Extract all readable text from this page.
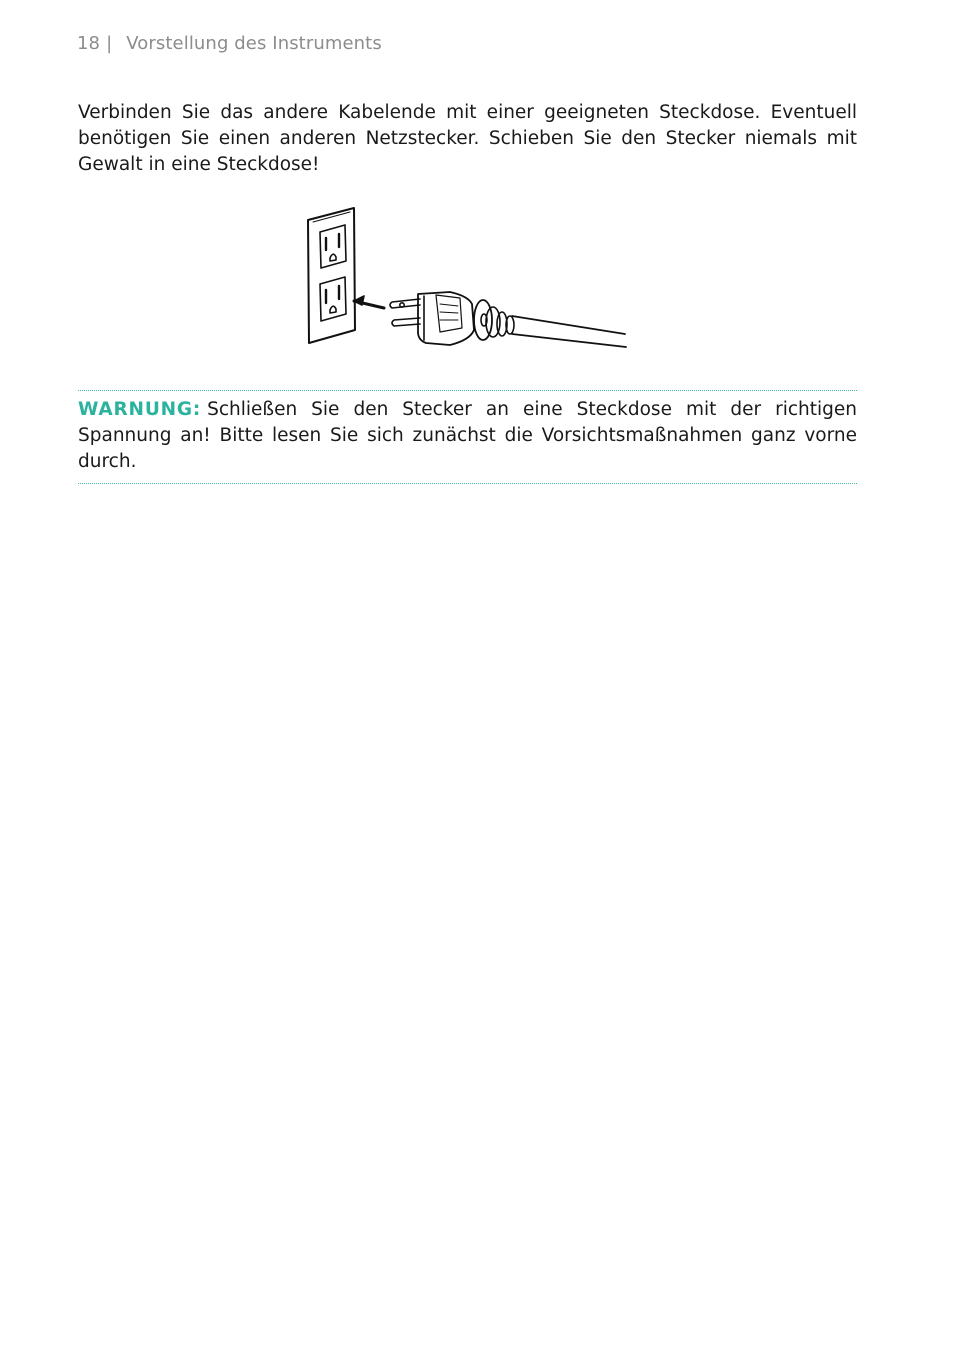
18 | Vorstellung des Instruments
Verbinden Sie das andere Kabelende mit einer geeigneten Steckdose. Eventuell benötigen Sie einen anderen Netzstecker. Schieben Sie den Stecker niemals mit Gewalt in eine Steckdose!
WARNUNG: Schließen Sie den Stecker an eine Steckdose mit der richtigen Spannung an! Bitte lesen Sie sich zunächst die Vorsichtsmaßnahmen ganz vorne durch.
